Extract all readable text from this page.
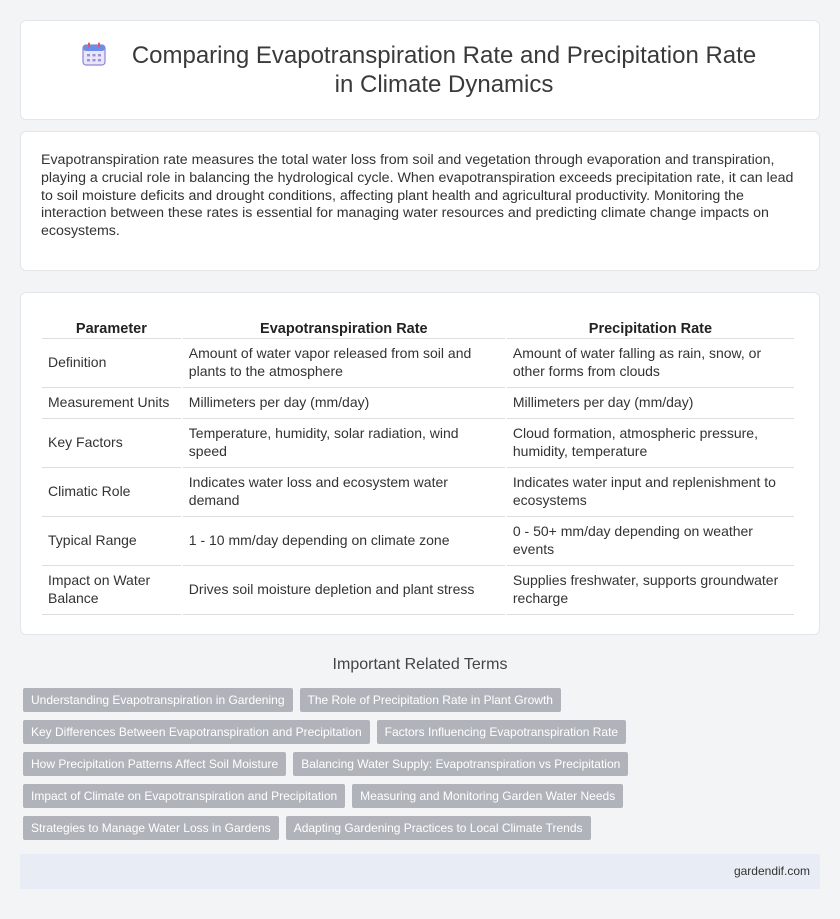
Comparing Evapotranspiration Rate and Precipitation Rate in Climate Dynamics

Evapotranspiration rate measures the total water loss from soil and vegetation through evaporation and transpiration, playing a crucial role in balancing the hydrological cycle. When evapotranspiration exceeds precipitation rate, it can lead to soil moisture deficits and drought conditions, affecting plant health and agricultural productivity. Monitoring the interaction between these rates is essential for managing water resources and predicting climate change impacts on ecosystems.

Parameter	Evapotranspiration Rate	Precipitation Rate
Definition	Amount of water vapor released from soil and plants to the atmosphere	Amount of water falling as rain, snow, or other forms from clouds
Measurement Units	Millimeters per day (mm/day)	Millimeters per day (mm/day)
Key Factors	Temperature, humidity, solar radiation, wind speed	Cloud formation, atmospheric pressure, humidity, temperature
Climatic Role	Indicates water loss and ecosystem water demand	Indicates water input and replenishment to ecosystems
Typical Range	1 - 10 mm/day depending on climate zone	0 - 50+ mm/day depending on weather events
Impact on Water Balance	Drives soil moisture depletion and plant stress	Supplies freshwater, supports groundwater recharge
Important Related Terms
Understanding Evapotranspiration in Gardening	The Role of Precipitation Rate in Plant Growth
Key Differences Between Evapotranspiration and Precipitation	Factors Influencing Evapotranspiration Rate
How Precipitation Patterns Affect Soil Moisture	Balancing Water Supply: Evapotranspiration vs Precipitation
Impact of Climate on Evapotranspiration and Precipitation	Measuring and Monitoring Garden Water Needs
Strategies to Manage Water Loss in Gardens	Adapting Gardening Practices to Local Climate Trends
gardendif.com
